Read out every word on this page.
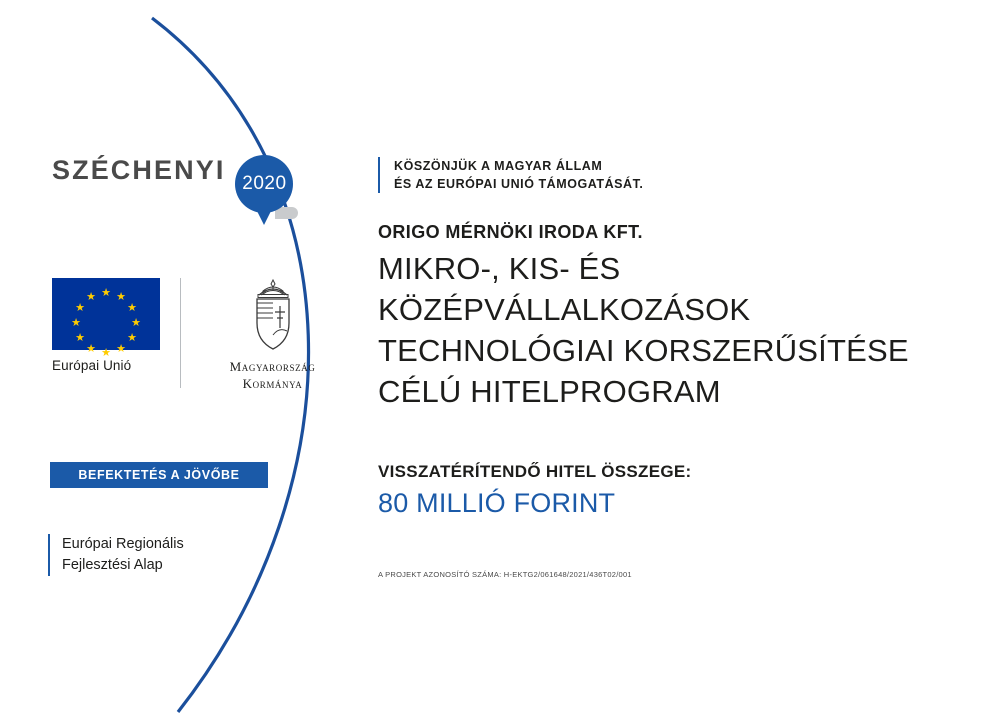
SZÉCHENYI 2020
★ ★
★
★
★
★
★
★
★
★
★
★
Európai Unió	Magyarország
Kormánya
BEFEKTETÉS A JÖVŐBE
Európai Regionális
Fejlesztési Alap
KÖSZÖNJÜK A MAGYAR ÁLLAM
ÉS AZ EURÓPAI UNIÓ TÁMOGATÁSÁT.
ORIGO MÉRNÖKI IRODA KFT.
MIKRO-, KIS- ÉS KÖZÉPVÁLLALKOZÁSOK TECHNOLÓGIAI KORSZERŰSÍTÉSE CÉLÚ HITELPROGRAM
VISSZATÉRÍTENDŐ HITEL ÖSSZEGE:
80 MILLIÓ FORINT
A PROJEKT AZONOSÍTÓ SZÁMA: H-EKTG2/061648/2021/436T02/001
